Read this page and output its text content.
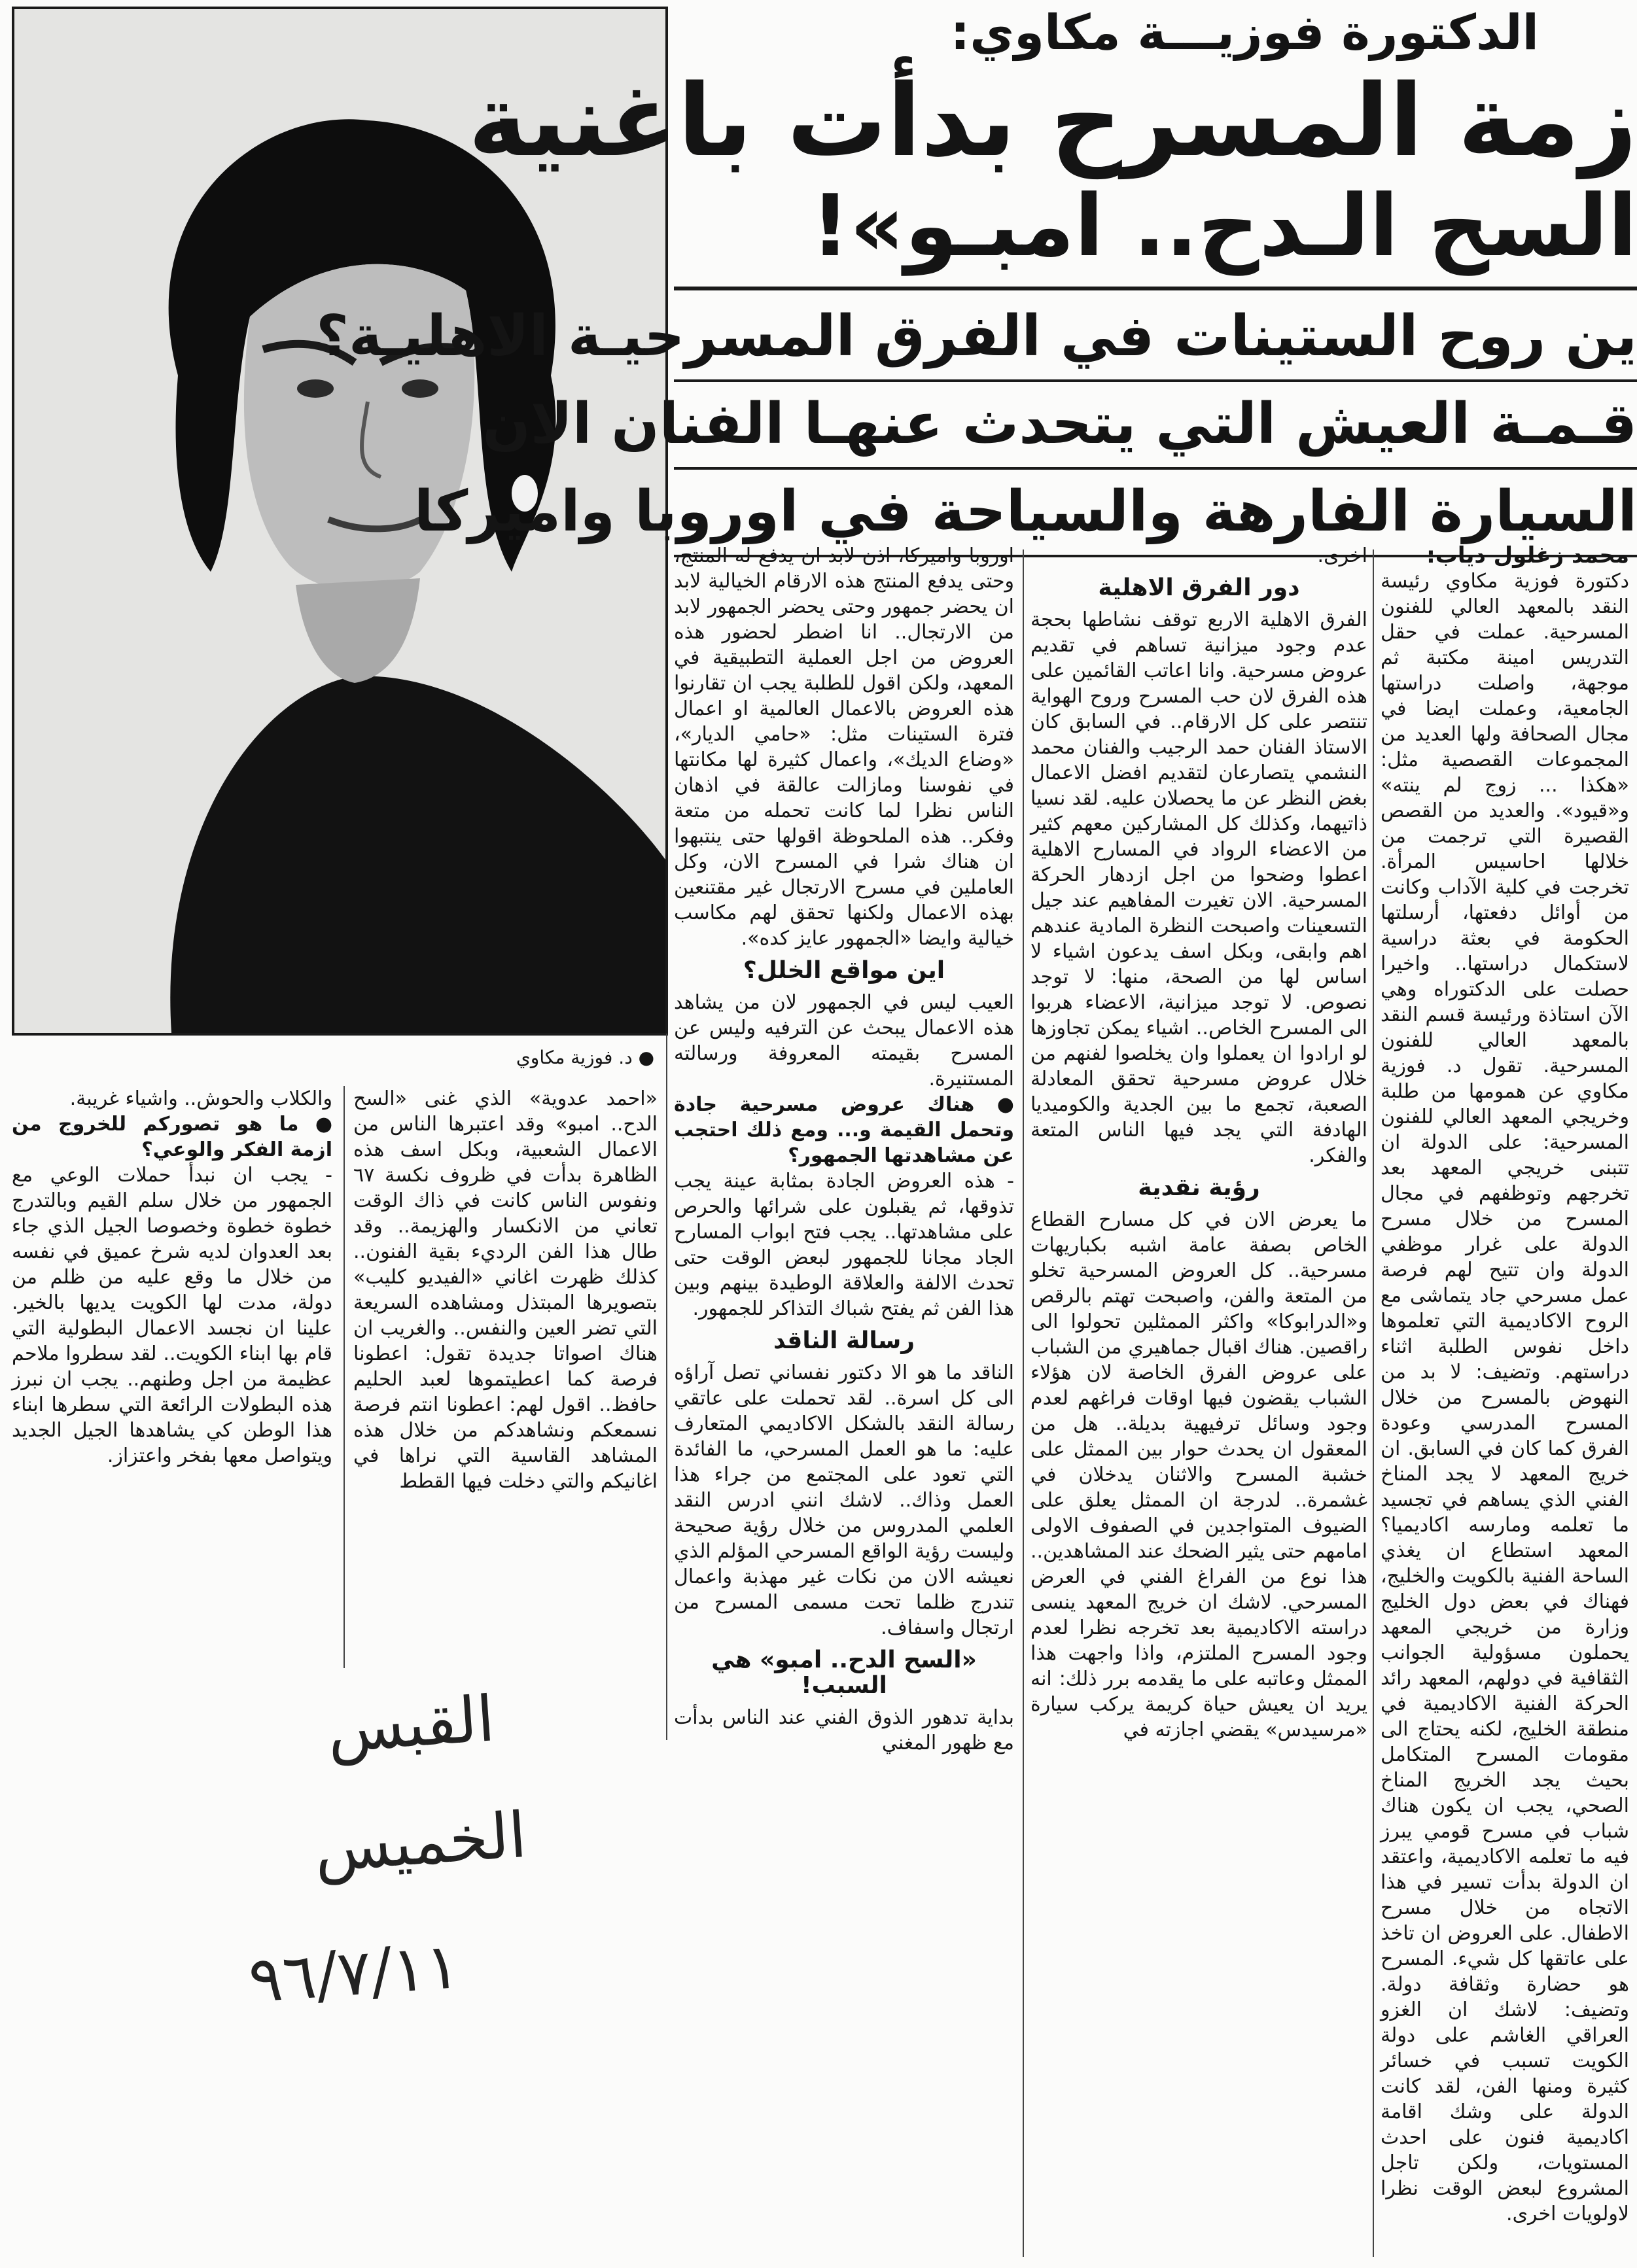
● د. فوزية مكاوي
الدكتورة فوزيـــة مكاوي:
زمة المسرح بدأت باغنية
السح الـدح.. امبـو»!
ين روح الستينات في الفرق المسرحيـة الاهليـة؟
قـمـة العيش التي يتحدث عنهـا الفنان الان
السيارة الفارهة والسياحة في اوروبا واميركا

محمد زغلول دياب:

دكتورة فوزية مكاوي رئيسة النقد بالمعهد العالي للفنون المسرحية. عملت في حقل التدريس امينة مكتبة ثم موجهة، واصلت دراستها الجامعية، وعملت ايضا في مجال الصحافة ولها العديد من المجموعات القصصية مثل: «هكذا ... زوج لم ينته» و«قيود». والعديد من القصص القصيرة التي ترجمت من خلالها احاسيس المرأة. تخرجت في كلية الآداب وكانت من أوائل دفعتها، أرسلتها الحكومة في بعثة دراسية لاستكمال دراستها.. واخيرا حصلت على الدكتوراه وهي الآن استاذة ورئيسة قسم النقد بالمعهد العالي للفنون المسرحية. تقول د. فوزية مكاوي عن همومها من طلبة وخريجي المعهد العالي للفنون المسرحية: على الدولة ان تتبنى خريجي المعهد بعد تخرجهم وتوظفهم في مجال المسرح من خلال مسرح الدولة على غرار موظفي الدولة وان تتيح لهم فرصة عمل مسرحي جاد يتماشى مع الروح الاكاديمية التي تعلموها داخل نفوس الطلبة اثناء دراستهم. وتضيف: لا بد من النهوض بالمسرح من خلال المسرح المدرسي وعودة الفرق كما كان في السابق. ان خريج المعهد لا يجد المناخ الفني الذي يساهم في تجسيد ما تعلمه ومارسه اكاديميا؟ المعهد استطاع ان يغذي الساحة الفنية بالكويت والخليج، فهناك في بعض دول الخليج وزارة من خريجي المعهد يحملون مسؤولية الجوانب الثقافية في دولهم، المعهد رائد الحركة الفنية الاكاديمية في منطقة الخليج، لكنه يحتاج الى مقومات المسرح المتكامل بحيث يجد الخريج المناخ الصحي، يجب ان يكون هناك شباب في مسرح قومي يبرز فيه ما تعلمه الاكاديمية، واعتقد ان الدولة بدأت تسير في هذا الاتجاه من خلال مسرح الاطفال. على العروض ان تاخذ على عاتقها كل شيء. المسرح هو حضارة وثقافة دولة. وتضيف: لاشك ان الغزو العراقي الغاشم على دولة الكويت تسبب في خسائر كثيرة ومنها الفن، لقد كانت الدولة على وشك اقامة اكاديمية فنون على احدث المستويات، ولكن تاجل المشروع لبعض الوقت نظرا لاولويات اخرى.

اخرى.

دور الفرق الاهلية

الفرق الاهلية الاربع توقف نشاطها بحجة عدم وجود ميزانية تساهم في تقديم عروض مسرحية. وانا اعاتب القائمين على هذه الفرق لان حب المسرح وروح الهواية تنتصر على كل الارقام.. في السابق كان الاستاذ الفنان حمد الرجيب والفنان محمد النشمي يتصارعان لتقديم افضل الاعمال بغض النظر عن ما يحصلان عليه. لقد نسيا ذاتيهما، وكذلك كل المشاركين معهم كثير من الاعضاء الرواد في المسارح الاهلية اعطوا وضحوا من اجل ازدهار الحركة المسرحية. الان تغيرت المفاهيم عند جيل التسعينات واصبحت النظرة المادية عندهم اهم وابقى، وبكل اسف يدعون اشياء لا اساس لها من الصحة، منها: لا توجد نصوص. لا توجد ميزانية، الاعضاء هربوا الى المسرح الخاص.. اشياء يمكن تجاوزها لو ارادوا ان يعملوا وان يخلصوا لفنهم من خلال عروض مسرحية تحقق المعادلة الصعبة، تجمع ما بين الجدية والكوميديا الهادفة التي يجد فيها الناس المتعة والفكر.

رؤية نقدية

ما يعرض الان في كل مسارح القطاع الخاص بصفة عامة اشبه بكباريهات مسرحية.. كل العروض المسرحية تخلو من المتعة والفن، واصبحت تهتم بالرقص و«الدرابوكا» واكثر الممثلين تحولوا الى راقصين. هناك اقبال جماهيري من الشباب على عروض الفرق الخاصة لان هؤلاء الشباب يقضون فيها اوقات فراغهم لعدم وجود وسائل ترفيهية بديلة.. هل من المعقول ان يحدث حوار بين الممثل على خشبة المسرح والاثنان يدخلان في غشمرة.. لدرجة ان الممثل يعلق على الضيوف المتواجدين في الصفوف الاولى امامهم حتى يثير الضحك عند المشاهدين.. هذا نوع من الفراغ الفني في العرض المسرحي. لاشك ان خريج المعهد ينسى دراسته الاكاديمية بعد تخرجه نظرا لعدم وجود المسرح الملتزم، واذا واجهت هذا الممثل وعاتبه على ما يقدمه برر ذلك: انه يريد ان يعيش حياة كريمة يركب سيارة «مرسيدس» يقضي اجازته في

اوروبا واميركا، اذن لابد ان يدفع له المنتج، وحتى يدفع المنتج هذه الارقام الخيالية لابد ان يحضر جمهور وحتى يحضر الجمهور لابد من الارتجال.. انا اضطر لحضور هذه العروض من اجل العملية التطبيقية في المعهد، ولكن اقول للطلبة يجب ان تقارنوا هذه العروض بالاعمال العالمية او اعمال فترة الستينات مثل: «حامي الديار»، «وضاع الديك»، واعمال كثيرة لها مكانتها في نفوسنا ومازالت عالقة في اذهان الناس نظرا لما كانت تحمله من متعة وفكر.. هذه الملحوظة اقولها حتى ينتبهوا ان هناك شرا في المسرح الان، وكل العاملين في مسرح الارتجال غير مقتنعين بهذه الاعمال ولكنها تحقق لهم مكاسب خيالية وايضا «الجمهور عايز كده».

اين مواقع الخلل؟

العيب ليس في الجمهور لان من يشاهد هذه الاعمال يبحث عن الترفيه وليس عن المسرح بقيمته المعروفة ورسالته المستنيرة.

● هناك عروض مسرحية جادة وتحمل القيمة و... ومع ذلك احتجب عن مشاهدتها الجمهور؟

- هذه العروض الجادة بمثابة عينة يجب تذوقها، ثم يقبلون على شرائها والحرص على مشاهدتها.. يجب فتح ابواب المسارح الجاد مجانا للجمهور لبعض الوقت حتى تحدث الالفة والعلاقة الوطيدة بينهم وبين هذا الفن ثم يفتح شباك التذاكر للجمهور.

رسالة الناقد

الناقد ما هو الا دكتور نفساني تصل آراؤه الى كل اسرة.. لقد تحملت على عاتقي رسالة النقد بالشكل الاكاديمي المتعارف عليه: ما هو العمل المسرحي، ما الفائدة التي تعود على المجتمع من جراء هذا العمل وذاك.. لاشك انني ادرس النقد العلمي المدروس من خلال رؤية صحيحة وليست رؤية الواقع المسرحي المؤلم الذي نعيشه الان من نكات غير مهذبة واعمال تندرج ظلما تحت مسمى المسرح من ارتجال واسفاف.

«السح الدح.. امبو» هي السبب!

بداية تدهور الذوق الفني عند الناس بدأت مع ظهور المغني

«احمد عدوية» الذي غنى «السح الدح.. امبو» وقد اعتبرها الناس من الاعمال الشعبية، وبكل اسف هذه الظاهرة بدأت في ظروف نكسة ٦٧ ونفوس الناس كانت في ذاك الوقت تعاني من الانكسار والهزيمة.. وقد طال هذا الفن الرديء بقية الفنون.. كذلك ظهرت اغاني «الفيديو كليب» بتصويرها المبتذل ومشاهده السريعة التي تضر العين والنفس.. والغريب ان هناك اصواتا جديدة تقول: اعطونا فرصة كما اعطيتموها لعبد الحليم حافظ.. اقول لهم: اعطونا انتم فرصة نسمعكم ونشاهدكم من خلال هذه المشاهد القاسية التي نراها في اغانيكم والتي دخلت فيها القطط

والكلاب والحوش.. واشياء غريبة.

● ما هو تصوركم للخروج من ازمة الفكر والوعي؟

- يجب ان نبدأ حملات الوعي مع الجمهور من خلال سلم القيم وبالتدرج خطوة خطوة وخصوصا الجيل الذي جاء بعد العدوان لديه شرخ عميق في نفسه من خلال ما وقع عليه من ظلم من دولة، مدت لها الكويت يديها بالخير. علينا ان نجسد الاعمال البطولية التي قام بها ابناء الكويت.. لقد سطروا ملاحم عظيمة من اجل وطنهم.. يجب ان نبرز هذه البطولات الرائعة التي سطرها ابناء هذا الوطن كي يشاهدها الجيل الجديد ويتواصل معها بفخر واعتزاز.

القبس
الخميس
٩٦/٧/١١
